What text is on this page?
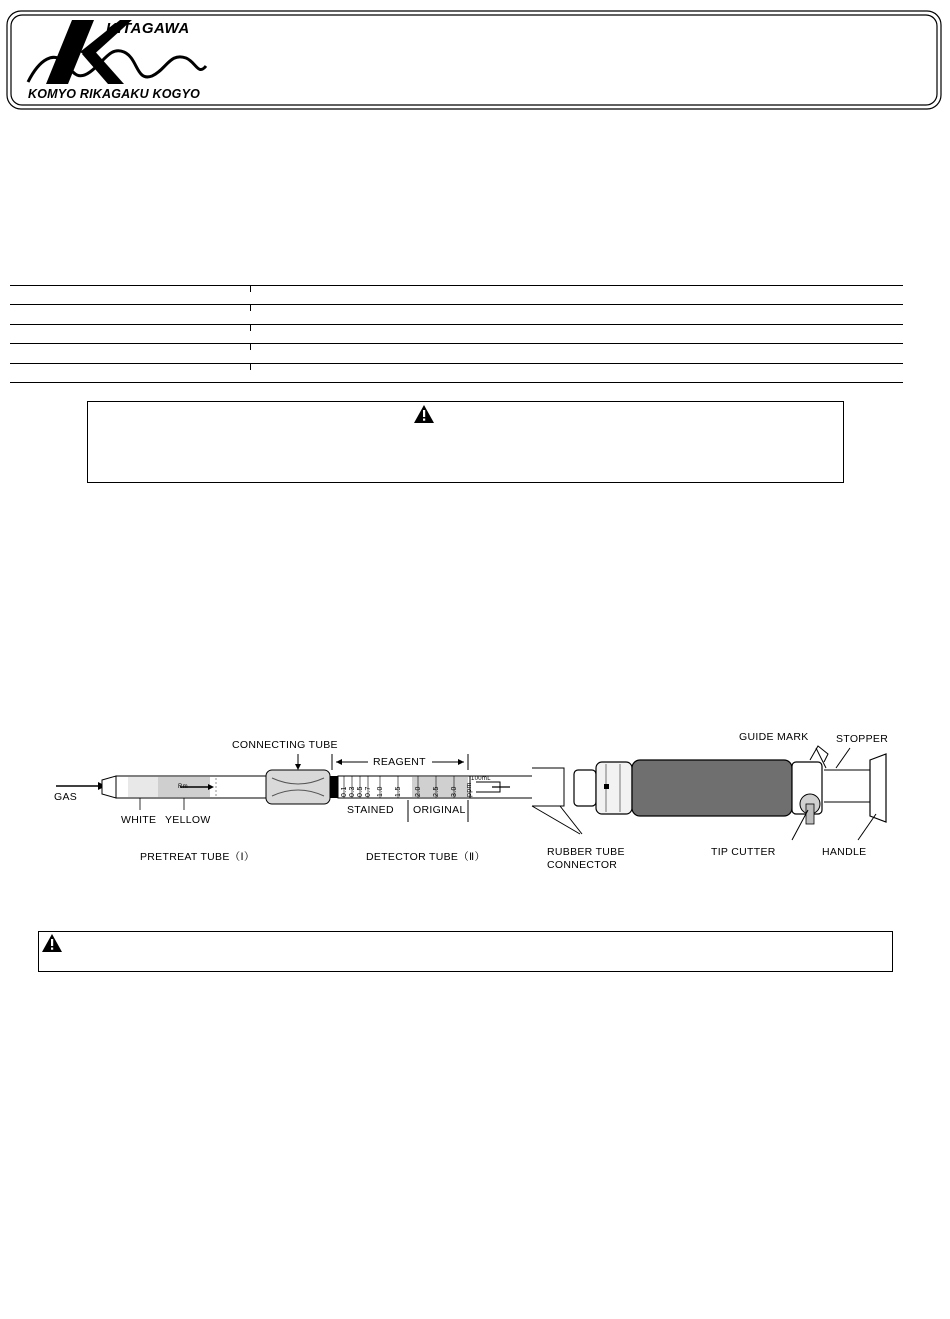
KITAGAWA
KOMYO RIKAGAKU KOGYO
GAS
CONNECTING TUBE
REAGENT
STAINED ORIGINAL
WHITE YELLOW
PRETREAT TUBE（Ⅰ）	DETECTOR TUBE（Ⅱ）	RUBBER TUBE
CONNECTOR
GUIDE MARK	STOPPER
TIP CUTTER	HANDLE
0.1 0.3 0.5 0.7 1.0 1.5 2.0 2.5 3.0 ppm
Rm
100mL
